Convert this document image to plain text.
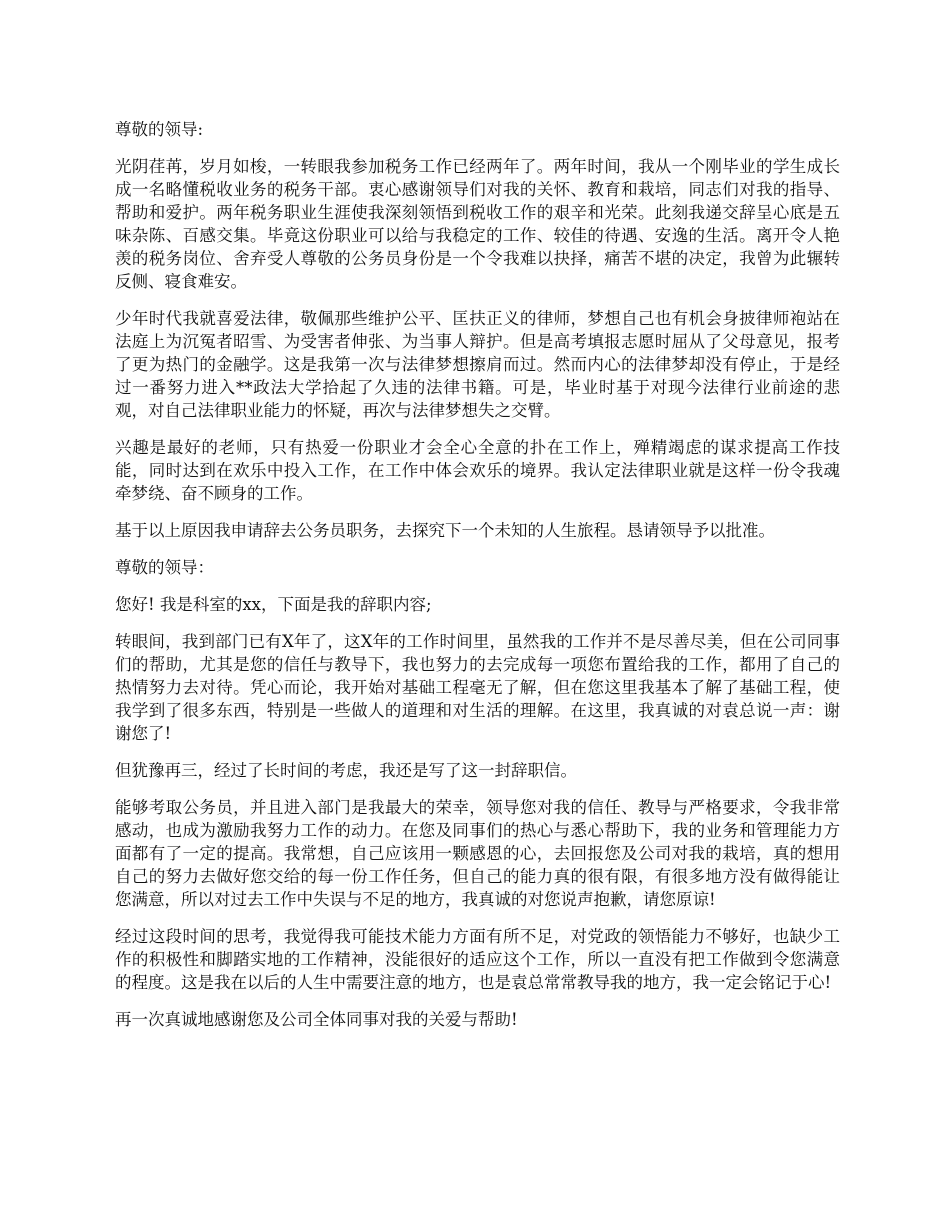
尊敬的领导:

光阴荏苒，岁月如梭，一转眼我参加税务工作已经两年了。两年时间，我从一个刚毕业的学生成长成一名略懂税收业务的税务干部。衷心感谢领导们对我的关怀、教育和栽培，同志们对我的指导、帮助和爱护。两年税务职业生涯使我深刻领悟到税收工作的艰辛和光荣。此刻我递交辞呈心底是五味杂陈、百感交集。毕竟这份职业可以给与我稳定的工作、较佳的待遇、安逸的生活。离开令人艳羡的税务岗位、舍弃受人尊敬的公务员身份是一个令我难以抉择，痛苦不堪的决定，我曾为此辗转反侧、寝食难安。

少年时代我就喜爱法律，敬佩那些维护公平、匡扶正义的律师，梦想自己也有机会身披律师袍站在法庭上为沉冤者昭雪、为受害者伸张、为当事人辩护。但是高考填报志愿时屈从了父母意见，报考了更为热门的金融学。这是我第一次与法律梦想擦肩而过。然而内心的法律梦却没有停止，于是经过一番努力进入**政法大学拾起了久违的法律书籍。可是，毕业时基于对现今法律行业前途的悲观，对自己法律职业能力的怀疑，再次与法律梦想失之交臂。

兴趣是最好的老师，只有热爱一份职业才会全心全意的扑在工作上，殚精竭虑的谋求提高工作技能，同时达到在欢乐中投入工作，在工作中体会欢乐的境界。我认定法律职业就是这样一份令我魂牵梦绕、奋不顾身的工作。

基于以上原因我申请辞去公务员职务，去探究下一个未知的人生旅程。恳请领导予以批准。

尊敬的领导：

您好! 我是科室的xx，下面是我的辞职内容;

转眼间，我到部门已有X年了，这X年的工作时间里，虽然我的工作并不是尽善尽美，但在公司同事们的帮助，尤其是您的信任与教导下，我也努力的去完成每一项您布置给我的工作，都用了自己的热情努力去对待。凭心而论，我开始对基础工程毫无了解，但在您这里我基本了解了基础工程，使我学到了很多东西，特别是一些做人的道理和对生活的理解。在这里，我真诚的对袁总说一声：谢谢您了!

但犹豫再三，经过了长时间的考虑，我还是写了这一封辞职信。

能够考取公务员，并且进入部门是我最大的荣幸，领导您对我的信任、教导与严格要求，令我非常感动，也成为激励我努力工作的动力。在您及同事们的热心与悉心帮助下，我的业务和管理能力方面都有了一定的提高。我常想，自己应该用一颗感恩的心，去回报您及公司对我的栽培，真的想用自己的努力去做好您交给的每一份工作任务，但自己的能力真的很有限，有很多地方没有做得能让您满意，所以对过去工作中失误与不足的地方，我真诚的对您说声抱歉，请您原谅!

经过这段时间的思考，我觉得我可能技术能力方面有所不足，对党政的领悟能力不够好，也缺少工作的积极性和脚踏实地的工作精神，没能很好的适应这个工作，所以一直没有把工作做到令您满意的程度。这是我在以后的人生中需要注意的地方，也是袁总常常教导我的地方，我一定会铭记于心!

再一次真诚地感谢您及公司全体同事对我的关爱与帮助!
